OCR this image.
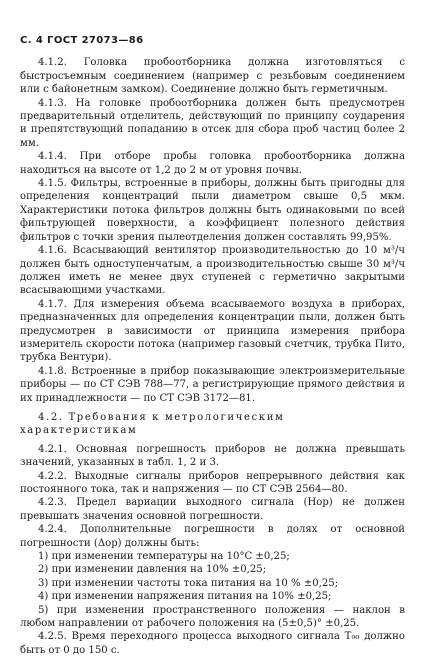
С. 4 ГОСТ 27073—86

4.1.2. Головка пробоотборника должна изготовляться с быстросъемным соединением (например с резьбовым соединением или с байонетным замком). Соединение должно быть герметичным.

4.1.3. На головке пробоотборника должен быть предусмотрен предварительный отделитель, действующий по принципу соударения и препятствующий попаданию в отсек для сбора проб частиц более 2 мм.

4.1.4. При отборе пробы головка пробоотборника должна находиться на высоте от 1,2 до 2 м от уровня почвы.

4.1.5. Фильтры, встроенные в приборы, должны быть пригодны для определения концентраций пыли диаметром свыше 0,5 мкм. Характеристики потока фильтров должны быть одинаковыми по всей фильтрующей поверхности, а коэффициент полезного действия фильтров с точки зрения пылеотделения должен составлять 99,95%.

4.1.6. Всасывающий вентилятор производительностью до 10 м³/ч должен быть одноступенчатым, а производительностью свыше 30 м³/ч должен иметь не менее двух ступеней с герметично закрытыми всасывающими участками.

4.1.7. Для измерения объема всасываемого воздуха в приборах, предназначенных для определения концентрации пыли, должен быть предусмотрен в зависимости от принципа измерения прибора измеритель скорости потока (например газовый счетчик, трубка Пито, трубка Вентури).

4.1.8. Встроенные в прибор показывающие электроизмерительные приборы — по СТ СЭВ 788—77, а регистрирующие прямого действия и их принадлежности — по СТ СЭВ 3172—81.

4.2. Требования к метрологическим характеристикам

4.2.1. Основная погрешность приборов не должна превышать значений, указанных в табл. 1, 2 и 3.

4.2.2. Выходные сигналы приборов непрерывного действия как постоянного тока, так и напряжения — по СТ СЭВ 2564—80.

4.2.3. Предел вариации выходного сигнала (Hор) не должен превышать значения основной погрешности.

4.2.4. Дополнительные погрешности в долях от основной погрешности (Δор) должны быть:

1) при изменении температуры на 10°С ±0,25;

2) при изменении давления на 10% ±0,25;

3) при изменении частоты тока питания на 10 % ±0,25;

4) при изменении напряжения питания на 10% ±0,25;

5) при изменении пространственного положения — наклон в любом направлении от рабочего положения на (5±0,5)° ±0,25.

4.2.5. Время переходного процесса выходного сигнала T₉₀ должно быть от 0 до 150 с.
